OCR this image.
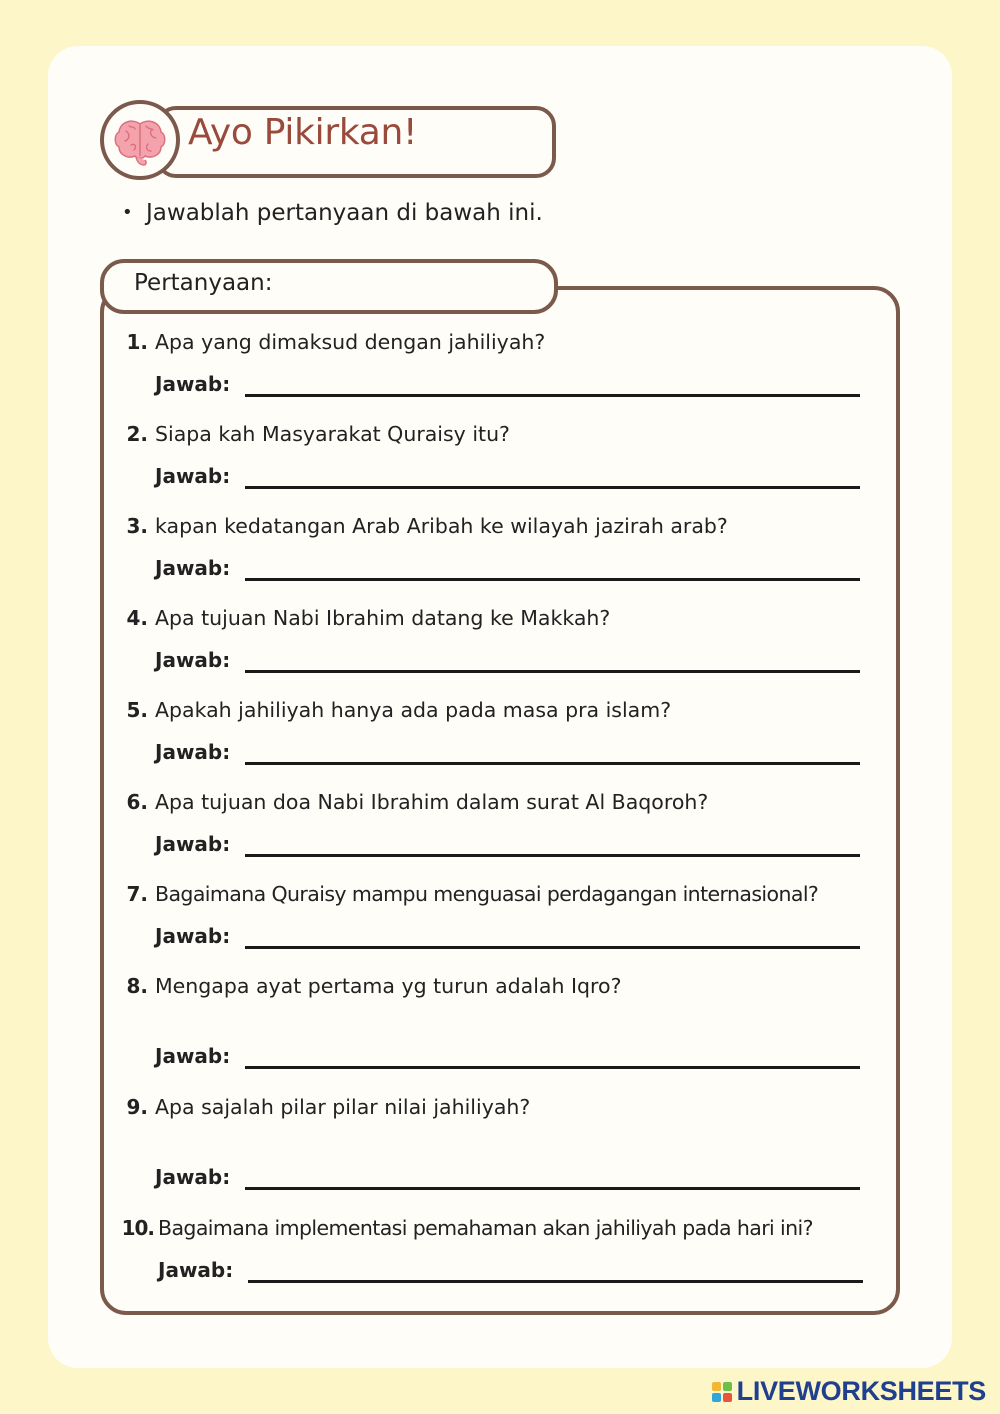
Ayo Pikirkan!
• Jawablah pertanyaan di bawah ini.
Pertanyaan:
1. Apa yang dimaksud dengan jahiliyah?
Jawab:
2. Siapa kah Masyarakat Quraisy itu?
Jawab:
3. kapan kedatangan Arab Aribah ke wilayah jazirah arab?
Jawab:
4. Apa tujuan Nabi Ibrahim datang ke Makkah?
Jawab:
5. Apakah jahiliyah hanya ada pada masa pra islam?
Jawab:
6. Apa tujuan doa Nabi Ibrahim dalam surat Al Baqoroh?
Jawab:
7. Bagaimana Quraisy mampu menguasai perdagangan internasional?
Jawab:
8. Mengapa ayat pertama yg turun adalah Iqro?
Jawab:
9. Apa sajalah pilar pilar nilai jahiliyah?
Jawab:
10. Bagaimana implementasi pemahaman akan jahiliyah pada hari ini?
Jawab:
LIVEWORKSHEETS
